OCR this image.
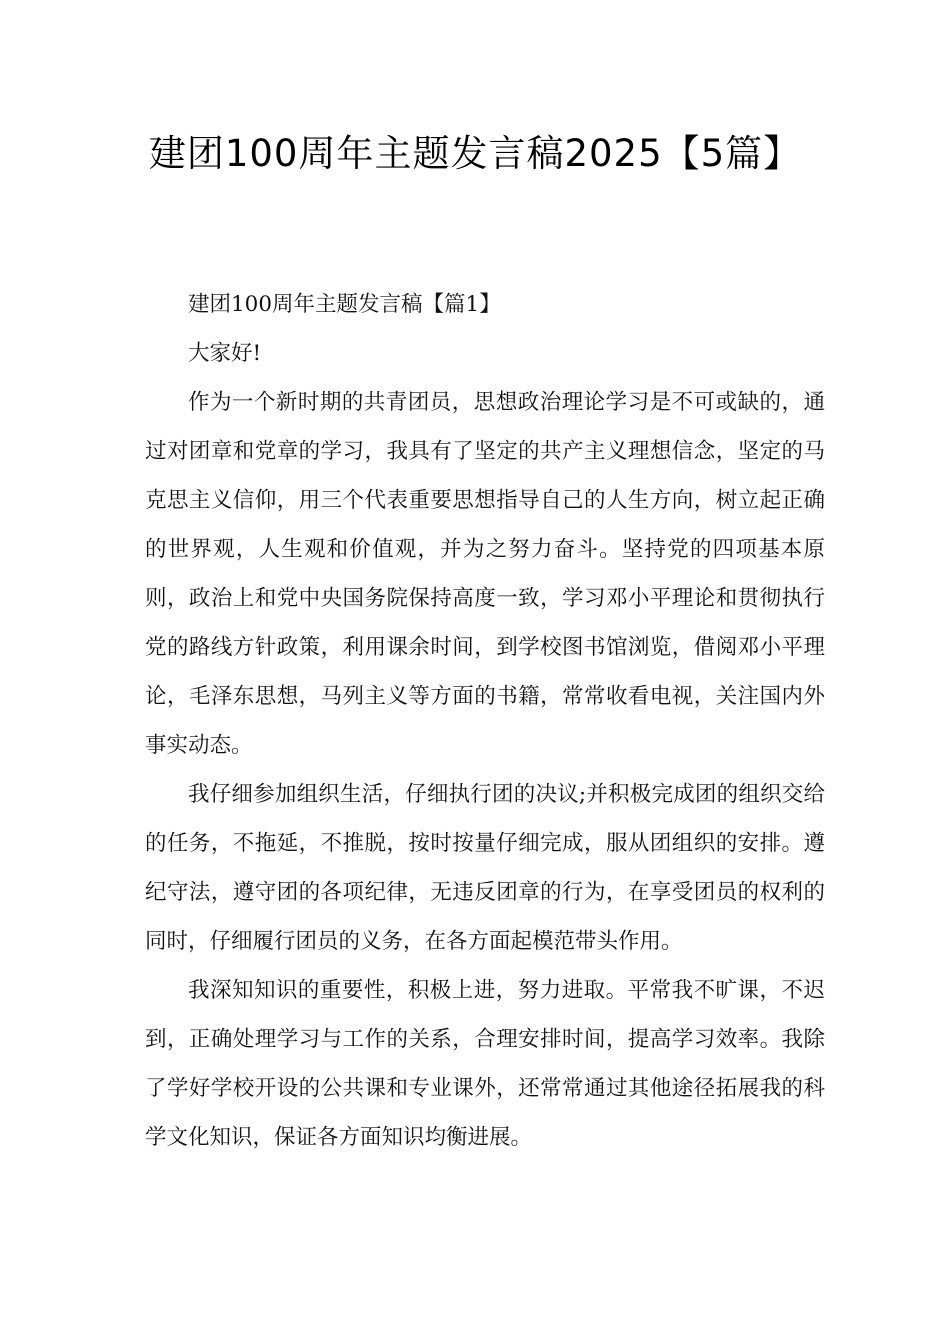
建团100周年主题发言稿2025【5篇】

建团100周年主题发言稿【篇1】

大家好!

作为一个新时期的共青团员，思想政治理论学习是不可或缺的，通过对团章和党章的学习，我具有了坚定的共产主义理想信念，坚定的马克思主义信仰，用三个代表重要思想指导自己的人生方向，树立起正确的世界观，人生观和价值观，并为之努力奋斗。坚持党的四项基本原则，政治上和党中央国务院保持高度一致，学习邓小平理论和贯彻执行党的路线方针政策，利用课余时间，到学校图书馆浏览，借阅邓小平理论，毛泽东思想，马列主义等方面的书籍，常常收看电视，关注国内外事实动态。

我仔细参加组织生活，仔细执行团的决议;并积极完成团的组织交给的任务，不拖延，不推脱，按时按量仔细完成，服从团组织的安排。遵纪守法，遵守团的各项纪律，无违反团章的行为，在享受团员的权利的同时，仔细履行团员的义务，在各方面起模范带头作用。

我深知知识的重要性，积极上进，努力进取。平常我不旷课，不迟到，正确处理学习与工作的关系，合理安排时间，提高学习效率。我除了学好学校开设的公共课和专业课外，还常常通过其他途径拓展我的科学文化知识，保证各方面知识均衡进展。
